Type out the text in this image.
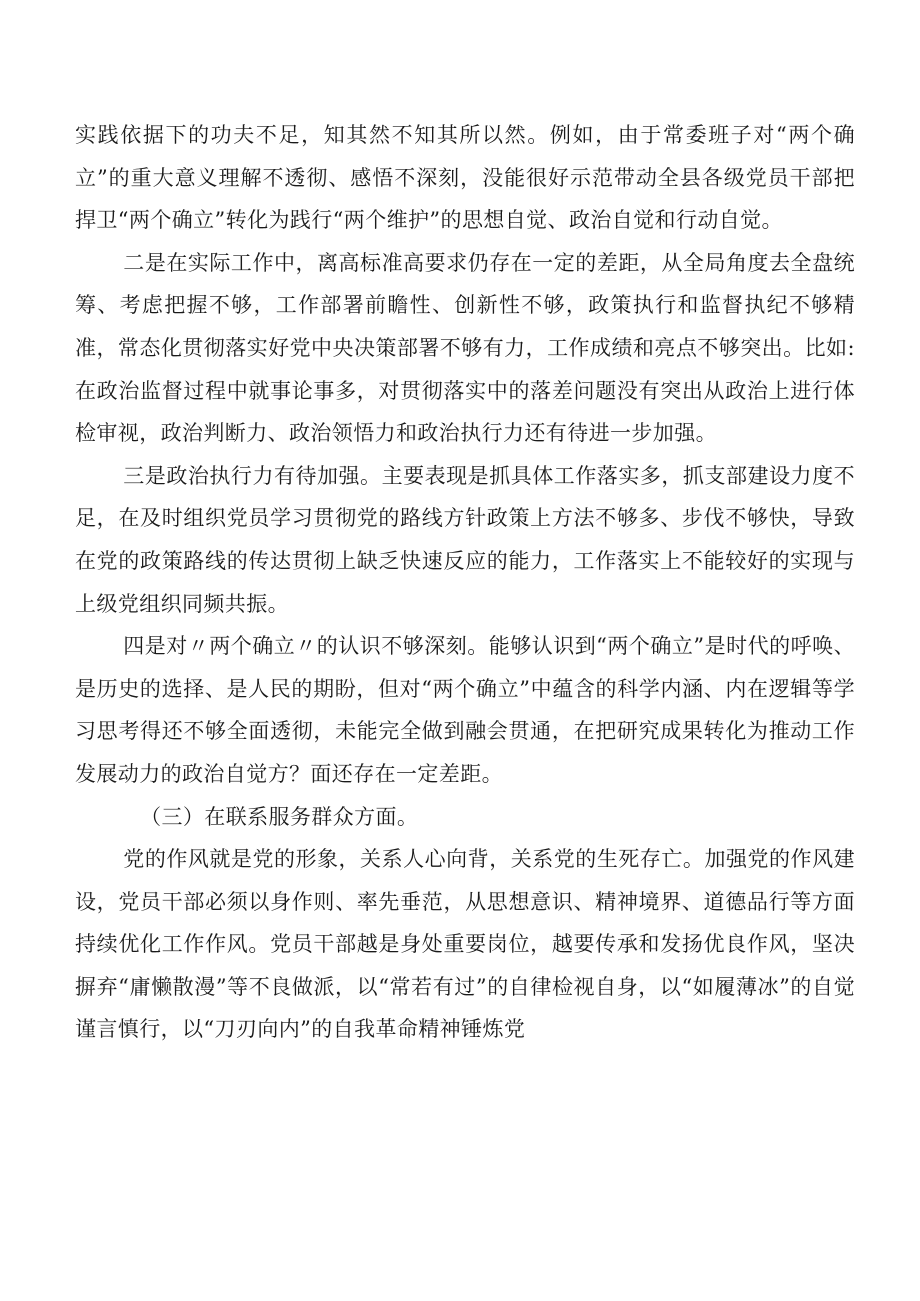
实践依据下的功夫不足，知其然不知其所以然。例如，由于常委班子对“两个确立”的重大意义理解不透彻、感悟不深刻，没能很好示范带动全县各级党员干部把捍卫“两个确立”转化为践行“两个维护”的思想自觉、政治自觉和行动自觉。

二是在实际工作中，离高标准高要求仍存在一定的差距，从全局角度去全盘统筹、考虑把握不够，工作部署前瞻性、创新性不够，政策执行和监督执纪不够精准，常态化贯彻落实好党中央决策部署不够有力，工作成绩和亮点不够突出。比如:在政治监督过程中就事论事多，对贯彻落实中的落差问题没有突出从政治上进行体检审视，政治判断力、政治领悟力和政治执行力还有待进一步加强。

三是政治执行力有待加强。主要表现是抓具体工作落实多，抓支部建设力度不足，在及时组织党员学习贯彻党的路线方针政策上方法不够多、步伐不够快，导致在党的政策路线的传达贯彻上缺乏快速反应的能力，工作落实上不能较好的实现与上级党组织同频共振。

四是对〃两个确立〃的认识不够深刻。能够认识到“两个确立”是时代的呼唤、是历史的选择、是人民的期盼，但对“两个确立”中蕴含的科学内涵、内在逻辑等学习思考得还不够全面透彻，未能完全做到融会贯通，在把研究成果转化为推动工作发展动力的政治自觉方？面还存在一定差距。

（三）在联系服务群众方面。

党的作风就是党的形象，关系人心向背，关系党的生死存亡。加强党的作风建设，党员干部必须以身作则、率先垂范，从思想意识、精神境界、道德品行等方面持续优化工作作风。党员干部越是身处重要岗位，越要传承和发扬优良作风，坚决摒弃“庸懒散漫”等不良做派，以“常若有过”的自律检视自身，以“如履薄冰”的自觉谨言慎行，以“刀刃向内”的自我革命精神锤炼党
